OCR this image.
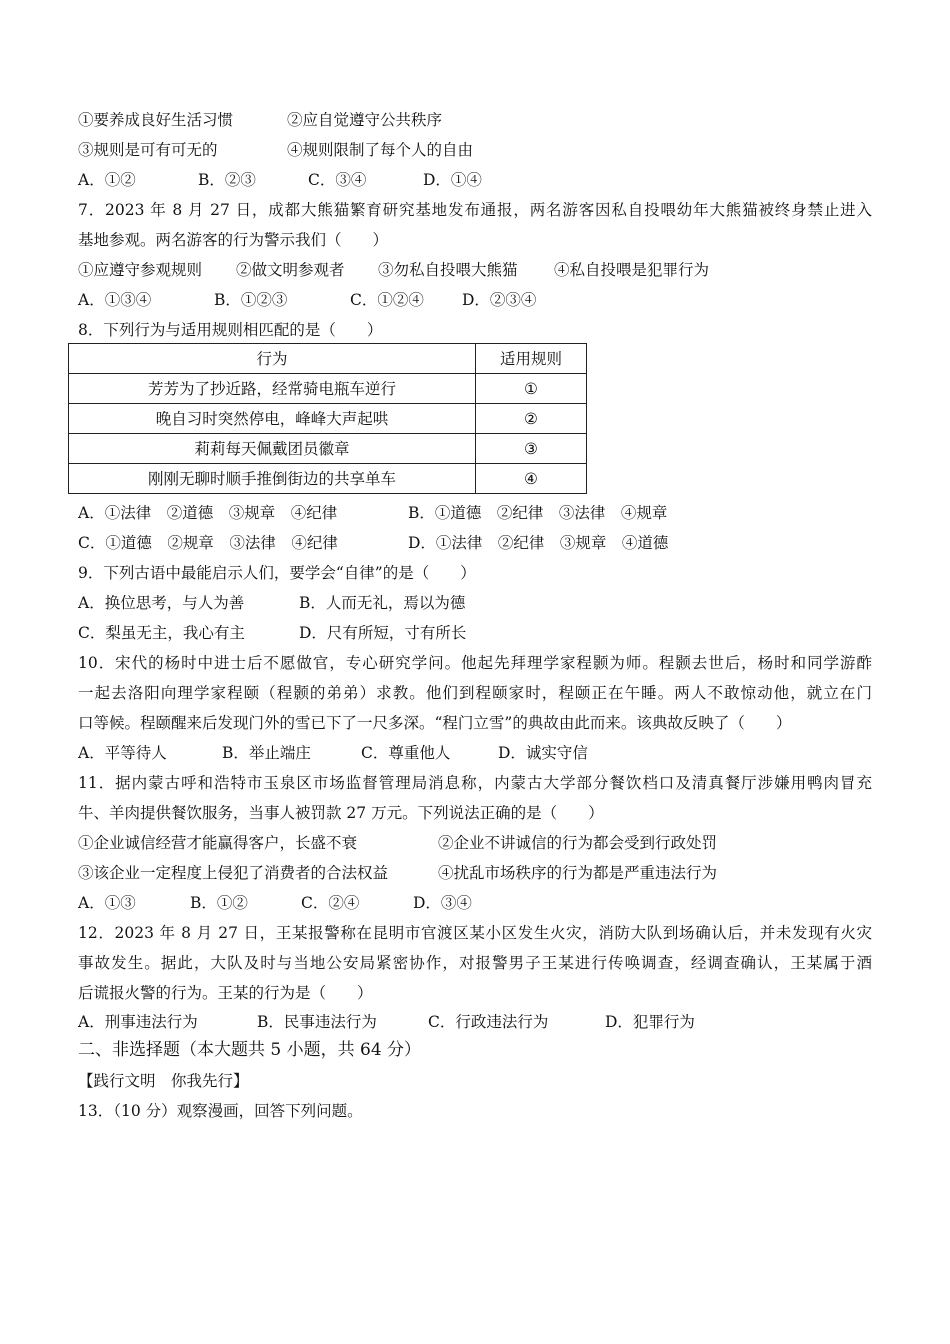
①要养成良好生活习惯	②应自觉遵守公共秩序
③规则是可有可无的	④规则限制了每个人的自由
A．①②	B．②③	C．③④	D．①④
7．2023 年 8 月 27 日，成都大熊猫繁育研究基地发布通报，两名游客因私自投喂幼年大熊猫被终身禁止进入
基地参观。两名游客的行为警示我们（　　）
①应遵守参观规则 ②做文明参观者 ③勿私自投喂大熊猫 ④私自投喂是犯罪行为
A．①③④	B．①②③	C．①②④ D．②③④
8．下列行为与适用规则相匹配的是（　　）
行为	适用规则
芳芳为了抄近路，经常骑电瓶车逆行	①
晚自习时突然停电，峰峰大声起哄	②
莉莉每天佩戴团员徽章	③
刚刚无聊时顺手推倒街边的共享单车	④
A．①法律　②道德　③规章　④纪律	B．①道德　②纪律　③法律　④规章
C．①道德　②规章　③法律　④纪律	D．①法律　②纪律　③规章　④道德
9．下列古语中最能启示人们，要学会“自律”的是（　　）
A．换位思考，与人为善	B．人而无礼，焉以为德
C．梨虽无主，我心有主	D．尺有所短，寸有所长
10．宋代的杨时中进士后不愿做官，专心研究学问。他起先拜理学家程颢为师。程颢去世后，杨时和同学游酢
一起去洛阳向理学家程颐（程颢的弟弟）求教。他们到程颐家时，程颐正在午睡。两人不敢惊动他，就立在门
口等候。程颐醒来后发现门外的雪已下了一尺多深。“程门立雪”的典故由此而来。该典故反映了（　　）
A．平等待人	B．举止端庄	C．尊重他人	D．诚实守信
11．据内蒙古呼和浩特市玉泉区市场监督管理局消息称，内蒙古大学部分餐饮档口及清真餐厅涉嫌用鸭肉冒充
牛、羊肉提供餐饮服务，当事人被罚款 27 万元。下列说法正确的是（　　）
①企业诚信经营才能赢得客户，长盛不衰	②企业不讲诚信的行为都会受到行政处罚
③该企业一定程度上侵犯了消费者的合法权益	④扰乱市场秩序的行为都是严重违法行为
A．①③	B．①②	C．②④	D．③④
12．2023 年 8 月 27 日，王某报警称在昆明市官渡区某小区发生火灾，消防大队到场确认后，并未发现有火灾
事故发生。据此，大队及时与当地公安局紧密协作，对报警男子王某进行传唤调查，经调查确认，王某属于酒
后谎报火警的行为。王某的行为是（　　）
A．刑事违法行为	B．民事违法行为	C．行政违法行为	D．犯罪行为
二、非选择题（本大题共 5 小题，共 64 分）
【践行文明　你我先行】
13．（10 分）观察漫画，回答下列问题。
